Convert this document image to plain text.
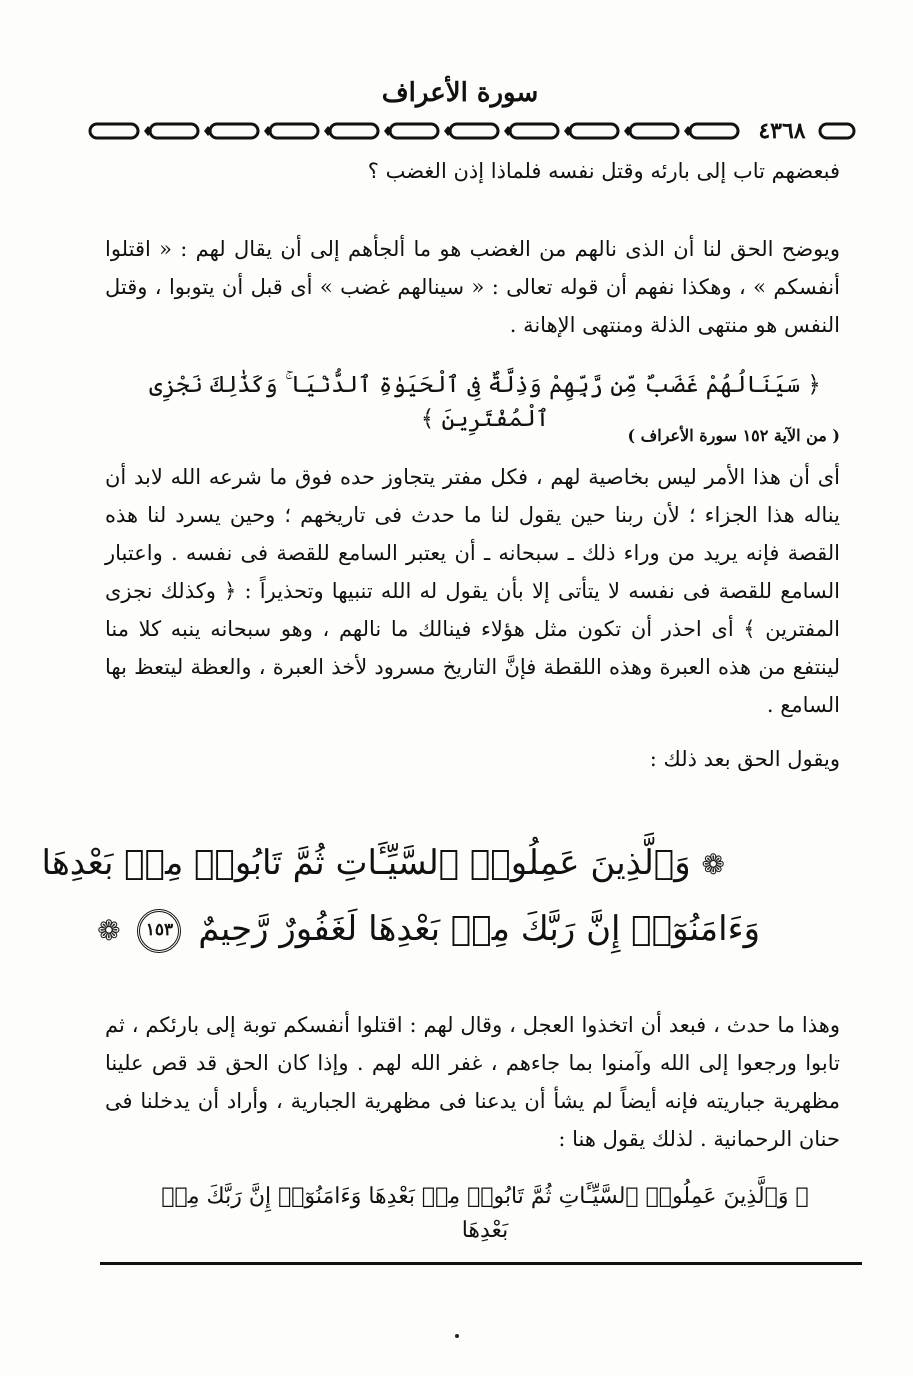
سورة الأعراف
٤٣٦٨

فبعضهم تاب إلى بارئه وقتل نفسه فلماذا إذن الغضب ؟

ويوضح الحق لنا أن الذى نالهم من الغضب هو ما ألجأهم إلى أن يقال لهم : « اقتلوا أنفسكم » ، وهكذا نفهم أن قوله تعالى : « سينالهم غضب » أى قبل أن يتوبوا ، وقتل النفس هو منتهى الذلة ومنتهى الإهانة .

﴿ سَيَنَالُهُمْ غَضَبٌ مِّن رَّبِّهِمْ وَذِلَّةٌ فِى ٱلْحَيَوٰةِ ٱلدُّنْيَا ۚ وَكَذَٰلِكَ نَجْزِى ٱلْمُفْتَرِينَ ﴾
( من الآية ١٥٢ سورة الأعراف )

أى أن هذا الأمر ليس بخاصية لهم ، فكل مفتر يتجاوز حده فوق ما شرعه الله لابد أن يناله هذا الجزاء ؛ لأن ربنا حين يقول لنا ما حدث فى تاريخهم ؛ وحين يسرد لنا هذه القصة فإنه يريد من وراء ذلك ـ سبحانه ـ أن يعتبر السامع للقصة فى نفسه . واعتبار السامع للقصة فى نفسه لا يتأتى إلا بأن يقول له الله تنبيها وتحذيراً : ﴿ وكذلك نجزى المفترين ﴾ أى احذر أن تكون مثل هؤلاء فينالك ما نالهم ، وهو سبحانه ينبه كلا منا لينتفع من هذه العبرة وهذه اللقطة فإنَّ التاريخ مسرود لأخذ العبرة ، والعظة ليتعظ بها السامع .

ويقول الحق بعد ذلك :

❁ وَٱلَّذِينَ عَمِلُوا۟ ٱلسَّيِّـَٔاتِ ثُمَّ تَابُوا۟ مِنۢ بَعْدِهَا
وَءَامَنُوٓا۟ إِنَّ رَبَّكَ مِنۢ بَعْدِهَا لَغَفُورٌ رَّحِيمٌ ١٥٣ ❁

وهذا ما حدث ، فبعد أن اتخذوا العجل ، وقال لهم : اقتلوا أنفسكم توبة إلى بارئكم ، ثم تابوا ورجعوا إلى الله وآمنوا بما جاءهم ، غفر الله لهم . وإذا كان الحق قد قص علينا مظهرية جباريته فإنه أيضاً لم يشأ أن يدعنا فى مظهرية الجبارية ، وأراد أن يدخلنا فى حنان الرحمانية . لذلك يقول هنا :

﴿ وَٱلَّذِينَ عَمِلُوا۟ ٱلسَّيِّـَٔاتِ ثُمَّ تَابُوا۟ مِنۢ بَعْدِهَا وَءَامَنُوٓا۟ إِنَّ رَبَّكَ مِنۢ بَعْدِهَا
